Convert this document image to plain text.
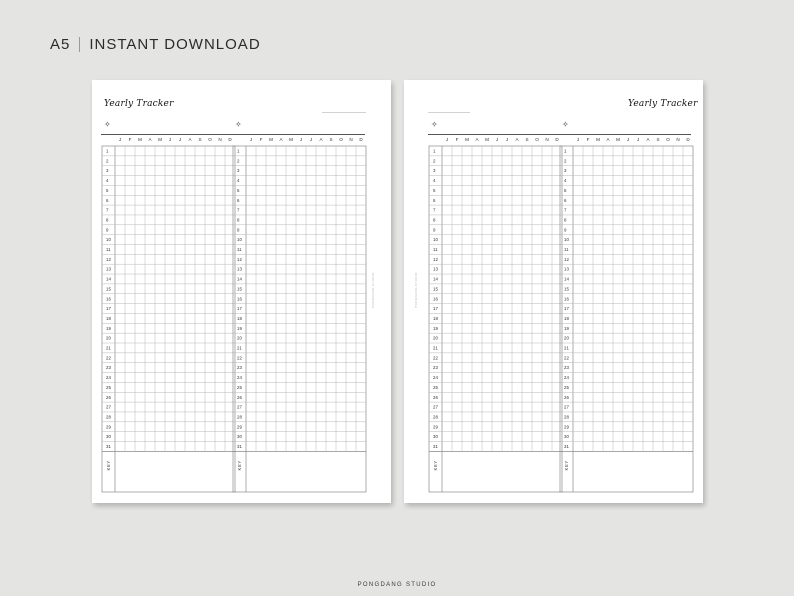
A5 INSTANT DOWNLOAD
Yearly Tracker
✧	✧
PONGDANG STUDIO
Yearly Tracker
✧	✧
PONGDANG STUDIO
J F M A M J J A S O N D
1
2
3
4
5
6
7
8
9
10
11
12
13
14
15
16
17
18
19
20
21
22
23
24
25
26
27
28
29
30
31
KEY
J F M A M J J A S O N D
1
2
3
4
5
6
7
8
9
10
11
12
13
14
15
16
17
18
19
20
21
22
23
24
25
26
27
28
29
30
31
KEY
J F M A M J J A S O N D
1
2
3
4
5
6
7
8
9
10
11
12
13
14
15
16
17
18
19
20
21
22
23
24
25
26
27
28
29
30
31
KEY
J F M A M J J A S O N D
1
2
3
4
5
6
7
8
9
10
11
12
13
14
15
16
17
18
19
20
21
22
23
24
25
26
27
28
29
30
31
KEY
PONGDANG STUDIO
